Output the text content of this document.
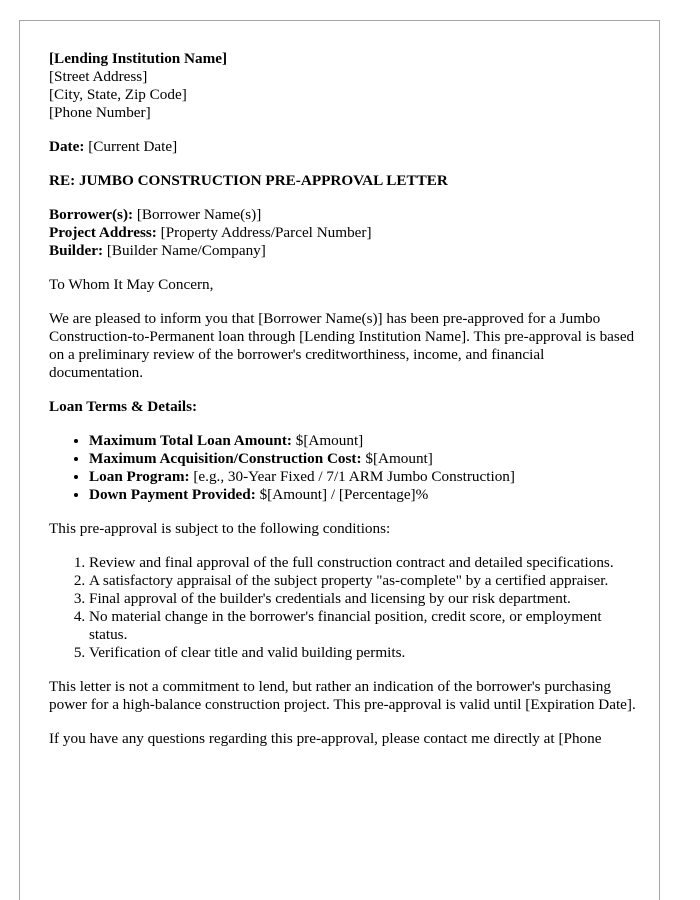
[Lending Institution Name]
[Street Address]
[City, State, Zip Code]
[Phone Number]

Date: [Current Date]

RE: JUMBO CONSTRUCTION PRE-APPROVAL LETTER

Borrower(s): [Borrower Name(s)]
Project Address: [Property Address/Parcel Number]
Builder: [Builder Name/Company]

To Whom It May Concern,

We are pleased to inform you that [Borrower Name(s)] has been pre-approved for a Jumbo Construction-to-Permanent loan through [Lending Institution Name]. This pre-approval is based on a preliminary review of the borrower's creditworthiness, income, and financial documentation.

Loan Terms & Details:

• Maximum Total Loan Amount: $[Amount]
• Maximum Acquisition/Construction Cost: $[Amount]
• Loan Program: [e.g., 30-Year Fixed / 7/1 ARM Jumbo Construction]
• Down Payment Provided: $[Amount] / [Percentage]%

This pre-approval is subject to the following conditions:

1. Review and final approval of the full construction contract and detailed specifications.
2. A satisfactory appraisal of the subject property "as-complete" by a certified appraiser.
3. Final approval of the builder's credentials and licensing by our risk department.
4. No material change in the borrower's financial position, credit score, or employment status.
5. Verification of clear title and valid building permits.

This letter is not a commitment to lend, but rather an indication of the borrower's purchasing power for a high-balance construction project. This pre-approval is valid until [Expiration Date].

If you have any questions regarding this pre-approval, please contact me directly at [Phone
